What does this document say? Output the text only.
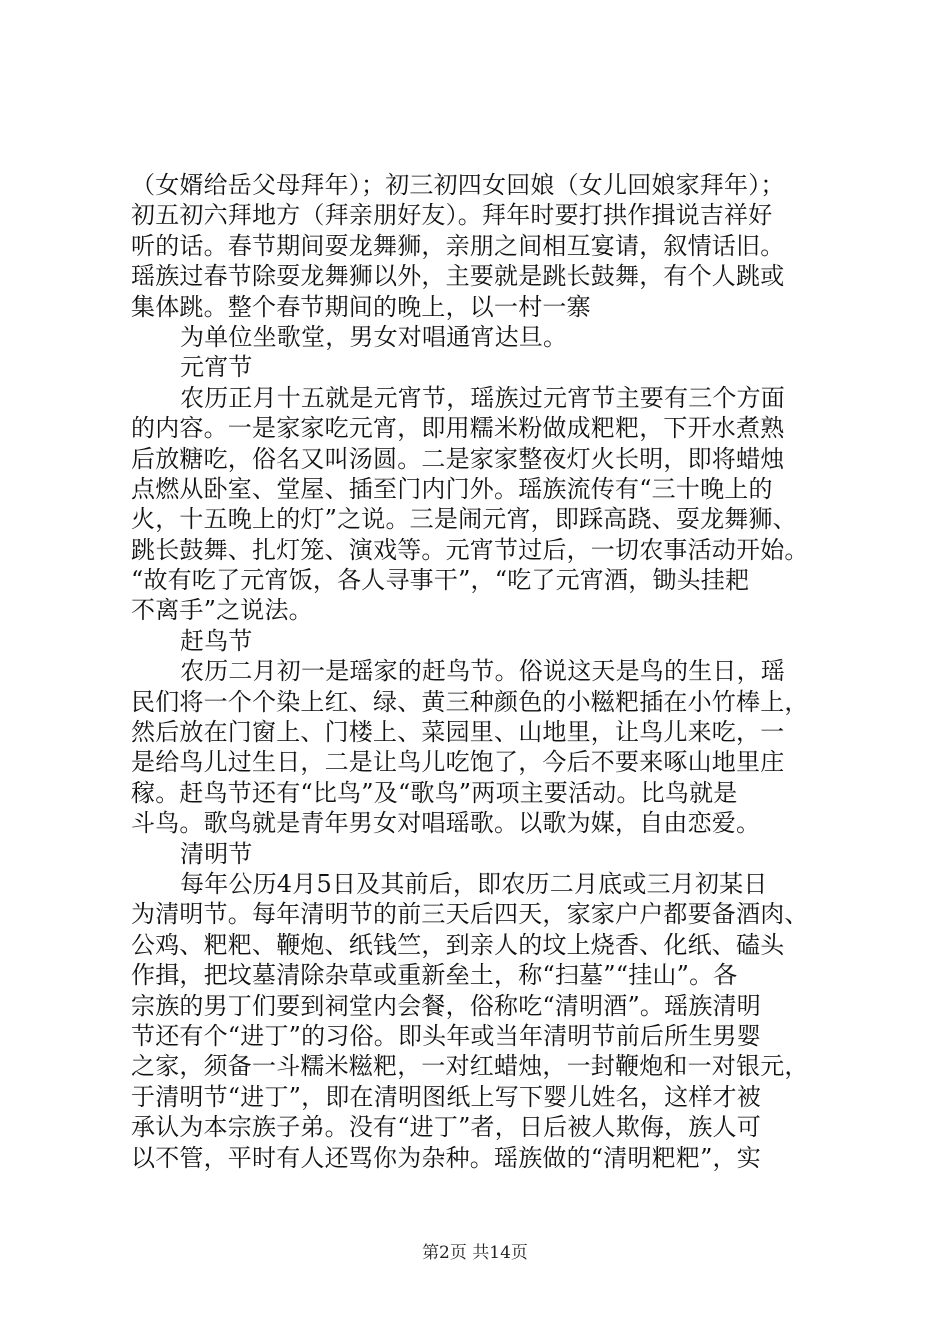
（女婿给岳父母拜年）；初三初四女回娘（女儿回娘家拜年）；
初五初六拜地方（拜亲朋好友）。拜年时要打拱作揖说吉祥好
听的话。春节期间耍龙舞狮，亲朋之间相互宴请，叙情话旧。
瑶族过春节除耍龙舞狮以外，主要就是跳长鼓舞，有个人跳或
集体跳。整个春节期间的晚上，以一村一寨
为单位坐歌堂，男女对唱通宵达旦。
元宵节
农历正月十五就是元宵节，瑶族过元宵节主要有三个方面
的内容。一是家家吃元宵，即用糯米粉做成粑粑，下开水煮熟
后放糖吃，俗名又叫汤圆。二是家家整夜灯火长明，即将蜡烛
点燃从卧室、堂屋、插至门内门外。瑶族流传有“三十晚上的
火，十五晚上的灯”之说。三是闹元宵，即踩高跷、耍龙舞狮、
跳长鼓舞、扎灯笼、演戏等。元宵节过后，一切农事活动开始。
“故有吃了元宵饭，各人寻事干”，“吃了元宵酒，锄头挂耙
不离手”之说法。
赶鸟节
农历二月初一是瑶家的赶鸟节。俗说这天是鸟的生日，瑶
民们将一个个染上红、绿、黄三种颜色的小糍粑插在小竹棒上，
然后放在门窗上、门楼上、菜园里、山地里，让鸟儿来吃，一
是给鸟儿过生日，二是让鸟儿吃饱了，今后不要来啄山地里庄
稼。赶鸟节还有“比鸟”及“歌鸟”两项主要活动。比鸟就是
斗鸟。歌鸟就是青年男女对唱瑶歌。以歌为媒，自由恋爱。
清明节
每年公历4月5日及其前后，即农历二月底或三月初某日
为清明节。每年清明节的前三天后四天，家家户户都要备酒肉、
公鸡、粑粑、鞭炮、纸钱竺，到亲人的坟上烧香、化纸、磕头
作揖，把坟墓清除杂草或重新垒土，称“扫墓”“挂山”。各
宗族的男丁们要到祠堂内会餐，俗称吃“清明酒”。瑶族清明
节还有个“进丁”的习俗。即头年或当年清明节前后所生男婴
之家，须备一斗糯米糍粑，一对红蜡烛，一封鞭炮和一对银元，
于清明节“进丁”，即在清明图纸上写下婴儿姓名，这样才被
承认为本宗族子弟。没有“进丁”者，日后被人欺侮，族人可
以不管，平时有人还骂你为杂种。瑶族做的“清明粑粑”，实
第2页 共14页
